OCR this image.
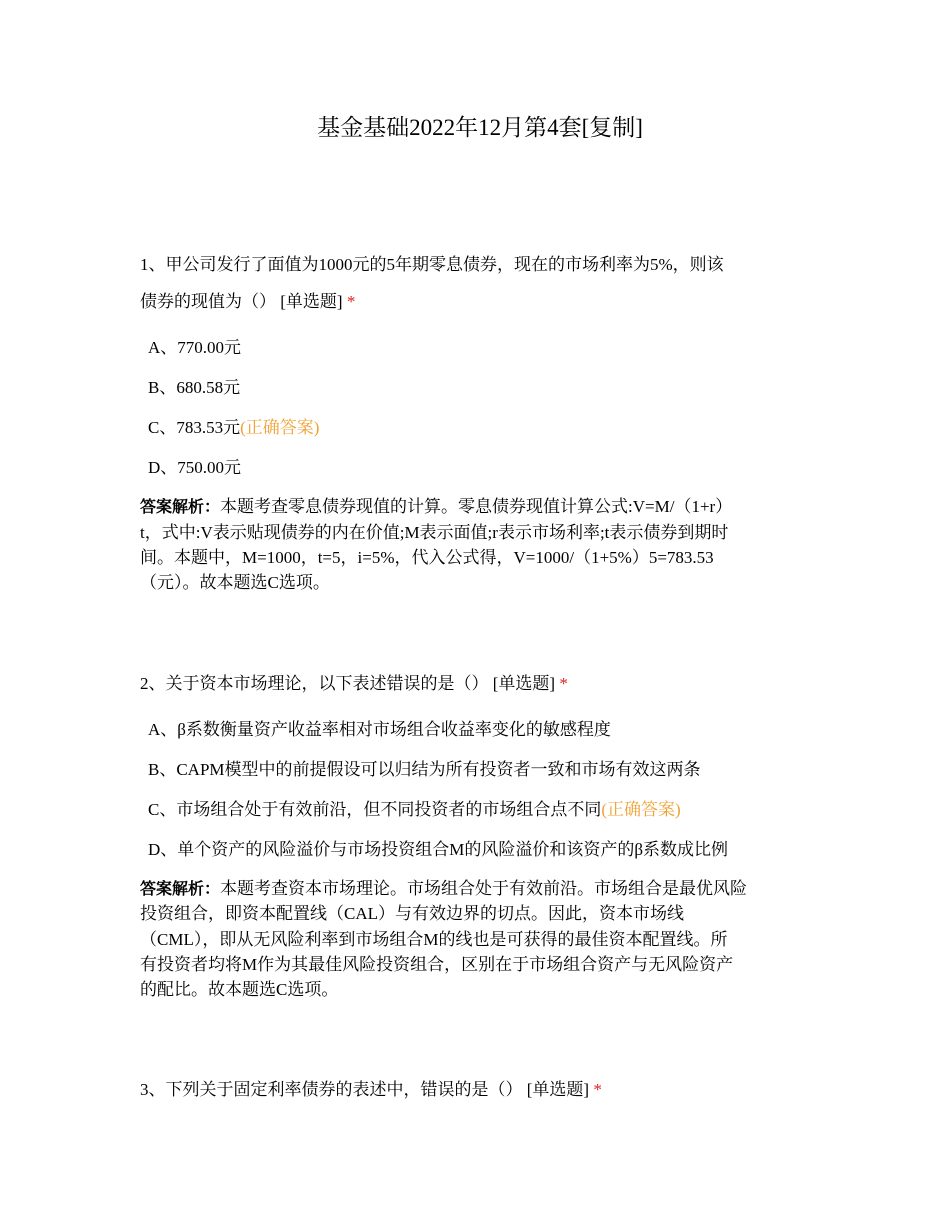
基金基础2022年12月第4套[复制]
1、甲公司发行了面值为1000元的5年期零息债券，现在的市场利率为5%，则该
债券的现值为（） [单选题] *
A、770.00元
B、680.58元
C、783.53元(正确答案)
D、750.00元
答案解析：本题考查零息债券现值的计算。零息债券现值计算公式:V=M/（1+r）
t，式中:V表示贴现债券的内在价值;M表示面值;r表示市场利率;t表示债券到期时
间。本题中，M=1000，t=5，i=5%，代入公式得，V=1000/（1+5%）5=783.53
（元）。故本题选C选项。
2、关于资本市场理论，以下表述错误的是（） [单选题] *
A、β系数衡量资产收益率相对市场组合收益率变化的敏感程度
B、CAPM模型中的前提假设可以归结为所有投资者一致和市场有效这两条
C、市场组合处于有效前沿，但不同投资者的市场组合点不同(正确答案)
D、单个资产的风险溢价与市场投资组合M的风险溢价和该资产的β系数成比例
答案解析：本题考查资本市场理论。市场组合处于有效前沿。市场组合是最优风险
投资组合，即资本配置线（CAL）与有效边界的切点。因此，资本市场线
（CML），即从无风险利率到市场组合M的线也是可获得的最佳资本配置线。所
有投资者均将M作为其最佳风险投资组合，区别在于市场组合资产与无风险资产
的配比。故本题选C选项。
3、下列关于固定利率债券的表述中，错误的是（） [单选题] *
